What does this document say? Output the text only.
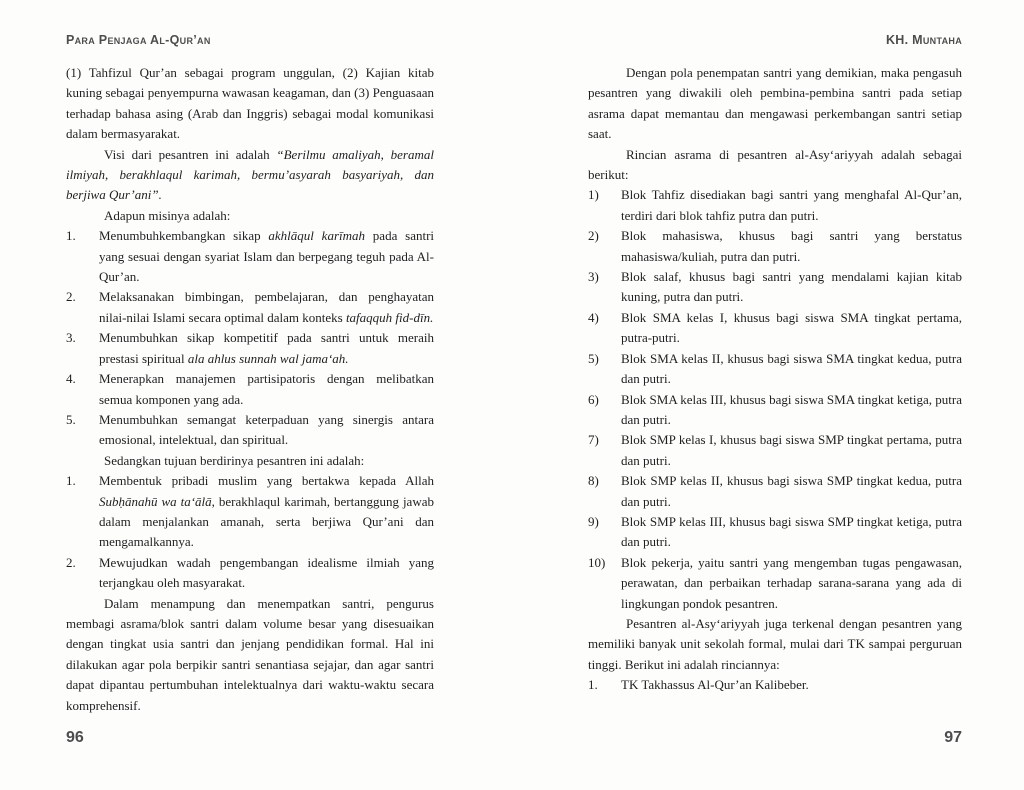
Para Penjaga Al-Qur’an
(1) Tahfizul Qur’an sebagai program unggulan, (2) Kajian kitab kuning sebagai penyempurna wawasan keagaman, dan (3) Penguasaan terhadap bahasa asing (Arab dan Inggris) sebagai modal komunikasi dalam bermasyarakat.
Visi dari pesantren ini adalah “Berilmu amaliyah, beramal ilmiyah, berakhlaqul karimah, bermu’asyarah basyariyah, dan berjiwa Qur’ani”.
Adapun misinya adalah:
1. Menumbuhkembangkan sikap akhlāqul karīmah pada santri yang sesuai dengan syariat Islam dan berpegang teguh pada Al-Qur’an.
2. Melaksanakan bimbingan, pembelajaran, dan penghayatan nilai-nilai Islami secara optimal dalam konteks tafaqquh fid-dīn.
3. Menumbuhkan sikap kompetitif pada santri untuk meraih prestasi spiritual ala ahlus sunnah wal jama‘ah.
4. Menerapkan manajemen partisipatoris dengan melibatkan semua komponen yang ada.
5. Menumbuhkan semangat keterpaduan yang sinergis antara emosional, intelektual, dan spiritual.
Sedangkan tujuan berdirinya pesantren ini adalah:
1. Membentuk pribadi muslim yang bertakwa kepada Allah Subḥānahū wa ta‘ālā, berakhlaqul karimah, bertanggung jawab dalam menjalankan amanah, serta berjiwa Qur’ani dan mengamalkannya.
2. Mewujudkan wadah pengembangan idealisme ilmiah yang terjangkau oleh masyarakat.
Dalam menampung dan menempatkan santri, pengurus membagi asrama/blok santri dalam volume besar yang disesuaikan dengan tingkat usia santri dan jenjang pendidikan formal. Hal ini dilakukan agar pola berpikir santri senantiasa sejajar, dan agar santri dapat dipantau pertumbuhan intelektualnya dari waktu-waktu secara komprehensif.
96
KH. Muntaha
Dengan pola penempatan santri yang demikian, maka pengasuh pesantren yang diwakili oleh pembina-pembina santri pada setiap asrama dapat memantau dan mengawasi perkembangan santri setiap saat.
Rincian asrama di pesantren al-Asy‘ariyyah adalah sebagai berikut:
1) Blok Tahfiz disediakan bagi santri yang menghafal Al-Qur’an, terdiri dari blok tahfiz putra dan putri.
2) Blok mahasiswa, khusus bagi santri yang berstatus mahasiswa/kuliah, putra dan putri.
3) Blok salaf, khusus bagi santri yang mendalami kajian kitab kuning, putra dan putri.
4) Blok SMA kelas I, khusus bagi siswa SMA tingkat pertama, putra-putri.
5) Blok SMA kelas II, khusus bagi siswa SMA tingkat kedua, putra dan putri.
6) Blok SMA kelas III, khusus bagi siswa SMA tingkat ketiga, putra dan putri.
7) Blok SMP kelas I, khusus bagi siswa SMP tingkat pertama, putra dan putri.
8) Blok SMP kelas II, khusus bagi siswa SMP tingkat kedua, putra dan putri.
9) Blok SMP kelas III, khusus bagi siswa SMP tingkat ketiga, putra dan putri.
10) Blok pekerja, yaitu santri yang mengemban tugas pengawasan, perawatan, dan perbaikan terhadap sarana-sarana yang ada di lingkungan pondok pesantren.
Pesantren al-Asy‘ariyyah juga terkenal dengan pesantren yang memiliki banyak unit sekolah formal, mulai dari TK sampai perguruan tinggi. Berikut ini adalah rinciannya:
1. TK Takhassus Al-Qur’an Kalibeber.
97
